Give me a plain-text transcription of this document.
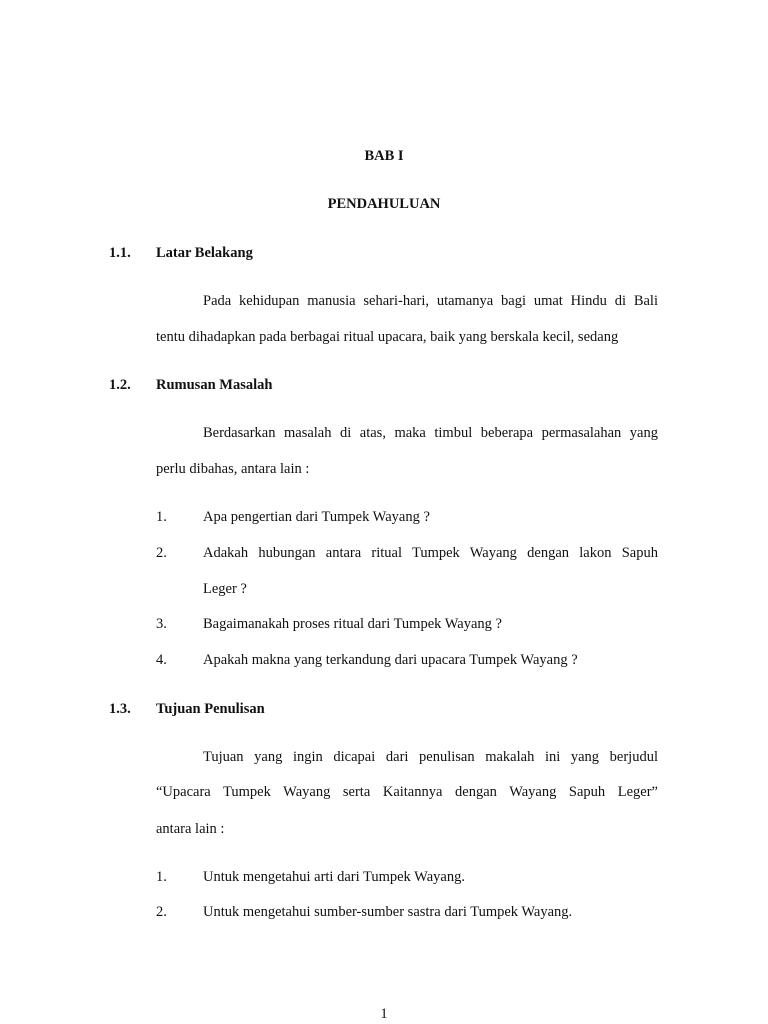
BAB I
PENDAHULUAN
1.1. Latar Belakang
Pada kehidupan manusia sehari-hari, utamanya bagi umat Hindu di Bali
tentu dihadapkan pada berbagai ritual upacara, baik yang berskala kecil, sedang
1.2. Rumusan Masalah
Berdasarkan masalah di atas, maka timbul beberapa permasalahan yang
perlu dibahas, antara lain :
1. Apa pengertian dari Tumpek Wayang ?
2. Adakah hubungan antara ritual Tumpek Wayang dengan lakon Sapuh
Leger ?
3. Bagaimanakah proses ritual dari Tumpek Wayang ?
4. Apakah makna yang terkandung dari upacara Tumpek Wayang ?
1.3. Tujuan Penulisan
Tujuan yang ingin dicapai dari penulisan makalah ini yang berjudul
“Upacara Tumpek Wayang serta Kaitannya dengan Wayang Sapuh Leger”
antara lain :
1. Untuk mengetahui arti dari Tumpek Wayang.
2. Untuk mengetahui sumber-sumber sastra dari Tumpek Wayang.
1
